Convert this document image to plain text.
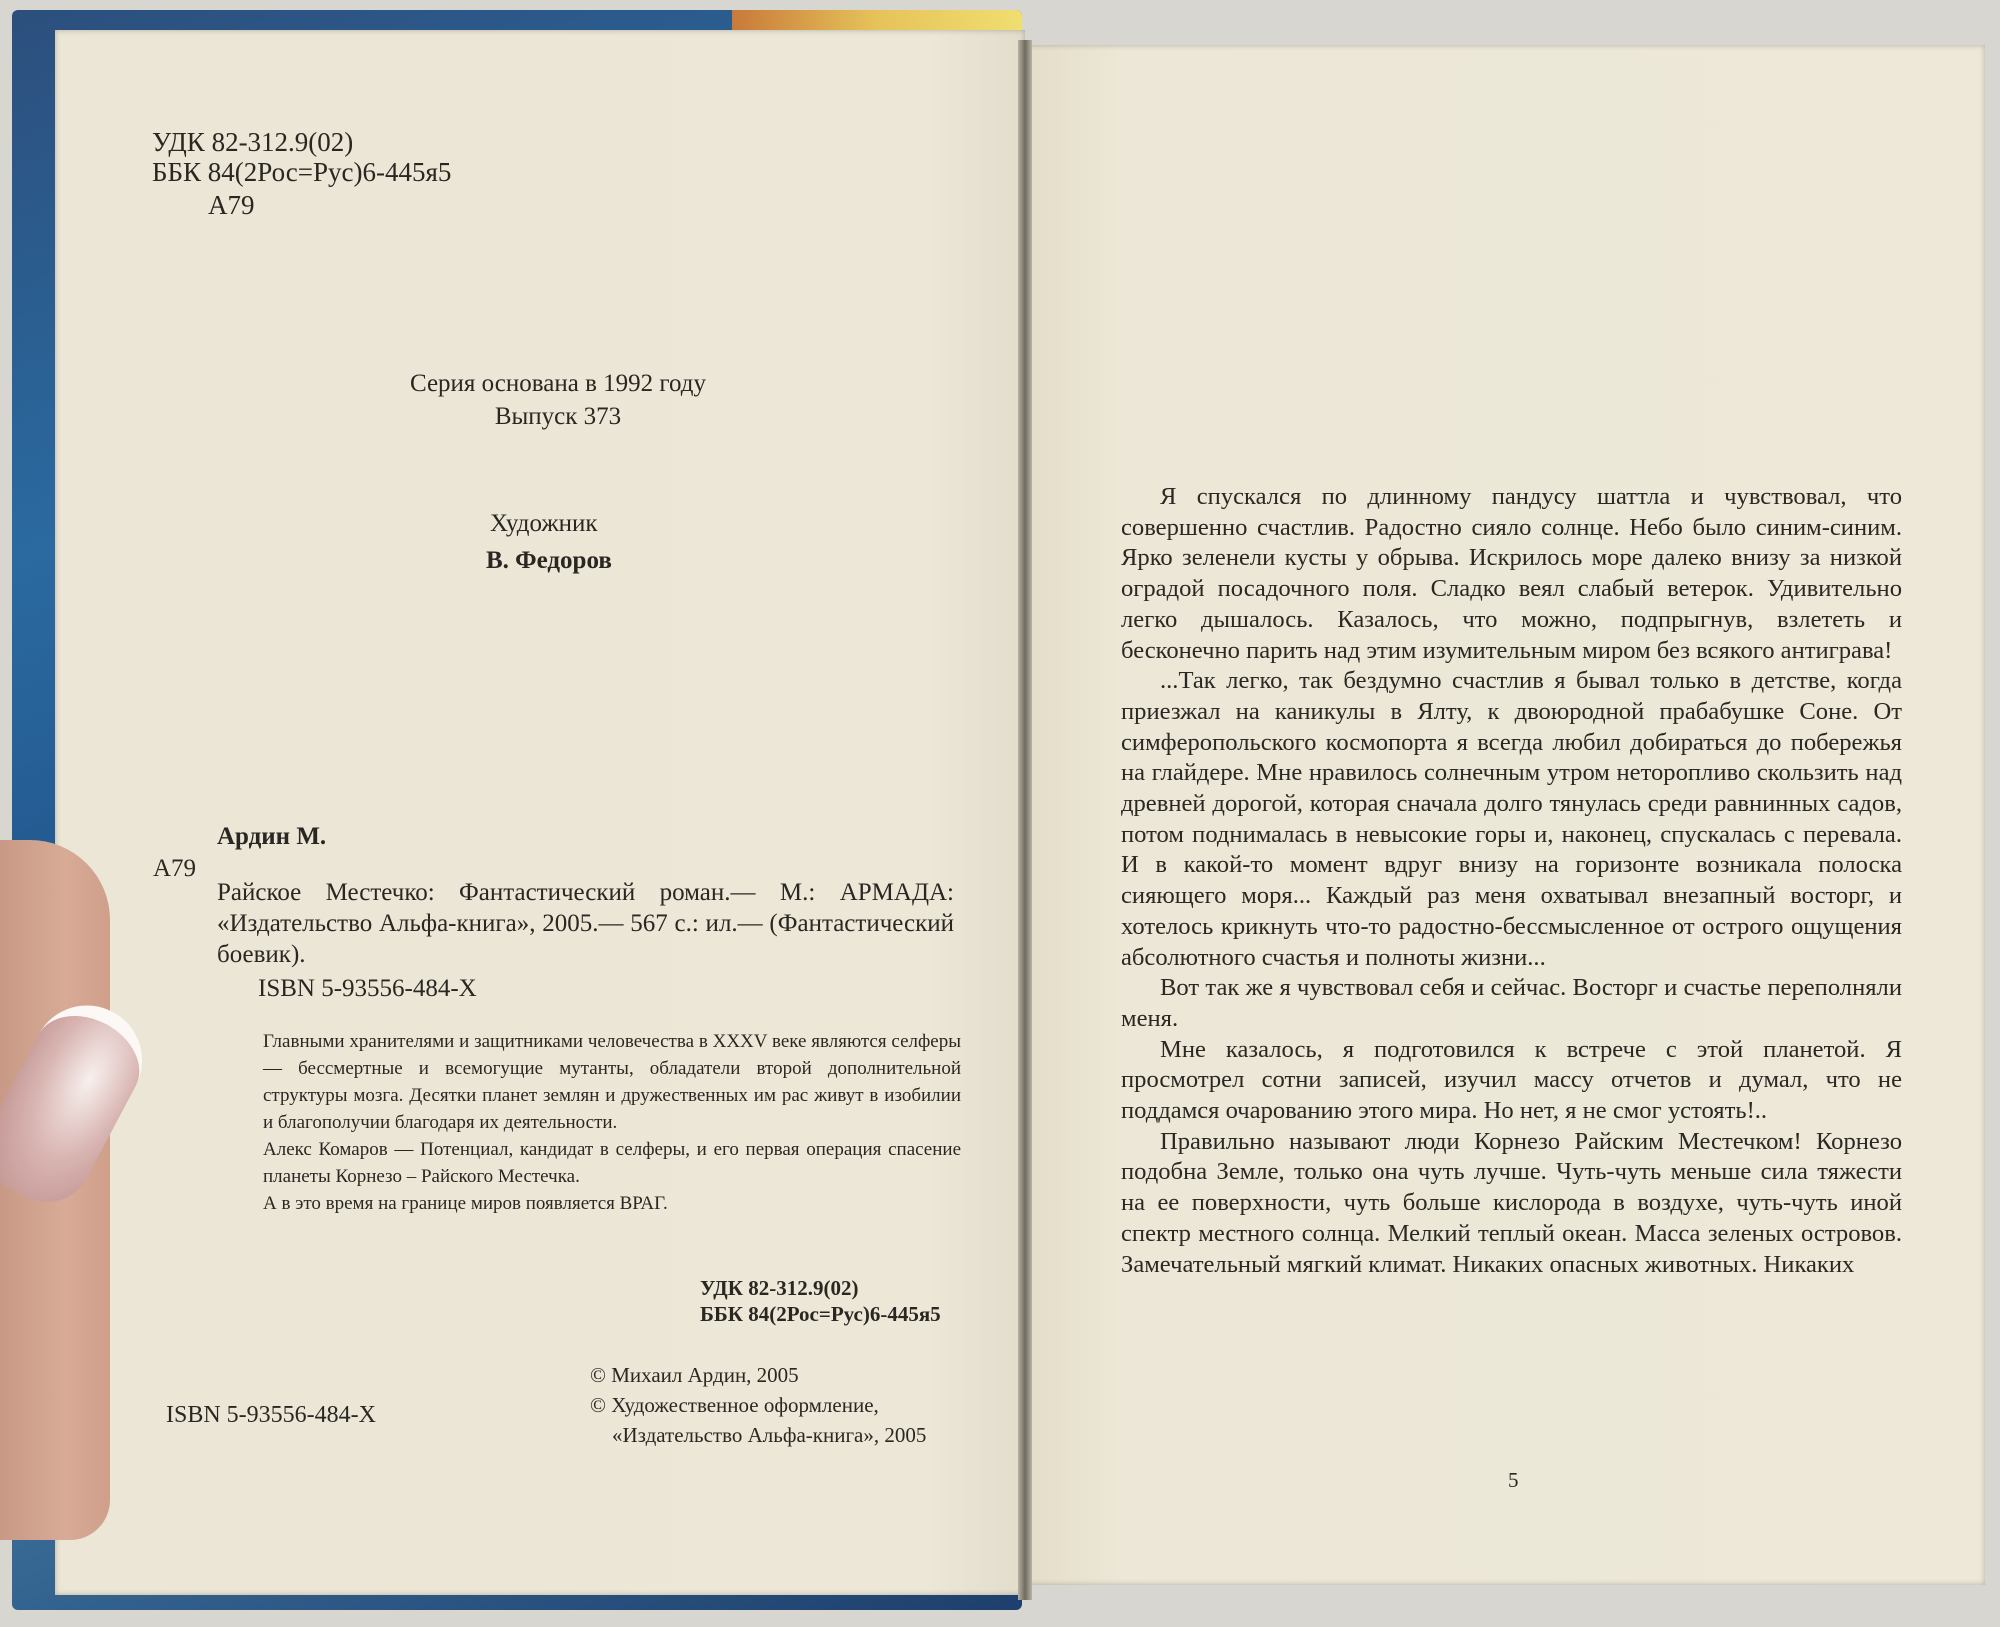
УДК 82-312.9(02)
ББК 84(2Рос=Рус)6-445я5
А79
Серия основана в 1992 году
Выпуск 373
Художник
В. Федоров
Ардин М.
А79
Райское Местечко: Фантастический роман.— М.: АРМАДА: «Издательство Альфа-книга», 2005.— 567 с.: ил.— (Фантастический боевик).
ISBN 5-93556-484-X

Главными хранителями и защитниками человечества в XXXV веке являются селферы — бессмертные и всемогущие мутанты, обладатели второй дополнительной структуры мозга. Десятки планет землян и дружественных им рас живут в изобилии и благополучии благодаря их деятельности.

Алекс Комаров — Потенциал, кандидат в селферы, и его первая операция спасение планеты Корнезо – Райского Местечка.

А в это время на границе миров появляется ВРАГ.

УДК 82-312.9(02)
ББК 84(2Рос=Рус)6-445я5
© Михаил Ардин, 2005
© Художественное оформление,
«Издательство Альфа-книга», 2005
ISBN 5-93556-484-X

Я спускался по длинному пандусу шаттла и чувствовал, что совершенно счастлив. Радостно сияло солнце. Небо было синим-синим. Ярко зеленели кусты у обрыва. Искрилось море далеко внизу за низкой оградой посадочного поля. Сладко веял слабый ветерок. Удивительно легко дышалось. Казалось, что можно, подпрыгнув, взлететь и бесконечно парить над этим изумительным миром без всякого антиграва!

...Так легко, так бездумно счастлив я бывал только в детстве, когда приезжал на каникулы в Ялту, к двоюродной прабабушке Соне. От симферопольского космопорта я всегда любил добираться до побережья на глайдере. Мне нравилось солнечным утром неторопливо скользить над древней дорогой, которая сначала долго тянулась среди равнинных садов, потом поднималась в невысокие горы и, наконец, спускалась с перевала. И в какой-то момент вдруг внизу на горизонте возникала полоска сияющего моря... Каждый раз меня охватывал внезапный восторг, и хотелось крикнуть что-то радостно-бессмысленное от острого ощущения абсолютного счастья и полноты жизни...

Вот так же я чувствовал себя и сейчас. Восторг и счастье переполняли меня.

Мне казалось, я подготовился к встрече с этой планетой. Я просмотрел сотни записей, изучил массу отчетов и думал, что не поддамся очарованию этого мира. Но нет, я не смог устоять!..

Правильно называют люди Корнезо Райским Местечком! Корнезо подобна Земле, только она чуть лучше. Чуть-чуть меньше сила тяжести на ее поверхности, чуть больше кислорода в воздухе, чуть-чуть иной спектр местного солнца. Мелкий теплый океан. Масса зеленых островов. Замечательный мягкий климат. Никаких опасных животных. Никаких

5
